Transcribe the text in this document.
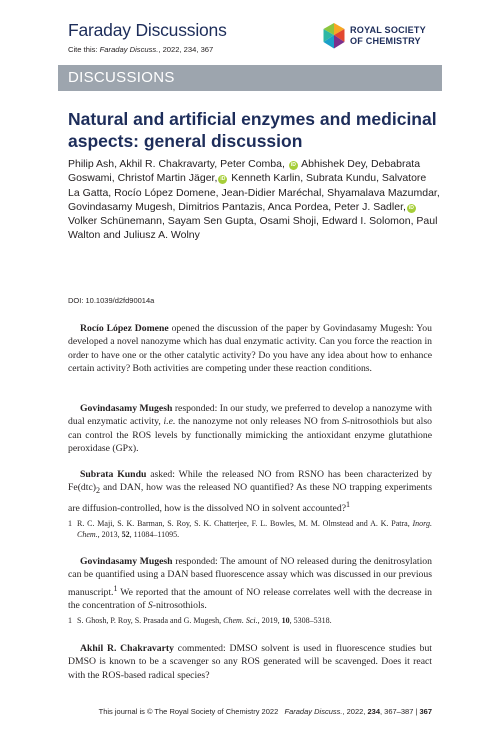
Faraday Discussions
Cite this: Faraday Discuss., 2022, 234, 367
ROYAL SOCIETY
OF CHEMISTRY
DISCUSSIONS
Natural and artificial enzymes and medicinal aspects: general discussion
Philip Ash, Akhil R. Chakravarty, Peter Comba, iD Abhishek Dey, Debabrata Goswami, Christof Martin Jäger, iD Kenneth Karlin, Subrata Kundu, Salvatore La Gatta, Rocío López Domene, Jean-Didier Maréchal, Shyamalava Mazumdar, Govindasamy Mugesh, Dimitrios Pantazis, Anca Pordea, Peter J. Sadler, iD Volker Schünemann, Sayam Sen Gupta, Osami Shoji, Edward I. Solomon, Paul Walton and Juliusz A. Wolny
DOI: 10.1039/d2fd90014a
Rocío López Domene opened the discussion of the paper by Govindasamy Mugesh: You developed a novel nanozyme which has dual enzymatic activity. Can you force the reaction in order to have one or the other catalytic activity? Do you have any idea about how to enhance certain activity? Both activities are competing under these reaction conditions.
Govindasamy Mugesh responded: In our study, we preferred to develop a nanozyme with dual enzymatic activity, i.e. the nanozyme not only releases NO from S-nitrosothiols but also can control the ROS levels by functionally mimicking the antioxidant enzyme glutathione peroxidase (GPx).
Subrata Kundu asked: While the released NO from RSNO has been characterized by $Fe(dtc)_2$ and DAN, how was the released NO quantified? As these NO trapping experiments are diffusion-controlled, how is the dissolved NO in solvent accounted?$^1$
1 R. C. Maji, S. K. Barman, S. Roy, S. K. Chatterjee, F. L. Bowles, M. M. Olmstead and A. K. Patra, Inorg. Chem., 2013, 52, 11084–11095.
Govindasamy Mugesh responded: The amount of NO released during the denitrosylation can be quantified using a DAN based fluorescence assay which was discussed in our previous manuscript.$^1$ We reported that the amount of NO release correlates well with the decrease in the concentration of S-nitrosothiols.
1 S. Ghosh, P. Roy, S. Prasada and G. Mugesh, Chem. Sci., 2019, 10, 5308–5318.
Akhil R. Chakravarty commented: DMSO solvent is used in fluorescence studies but DMSO is known to be a scavenger so any ROS generated will be scavenged. Does it react with the ROS-based radical species?
This journal is © The Royal Society of Chemistry 2022 Faraday Discuss., 2022, 234, 367–387 | 367
